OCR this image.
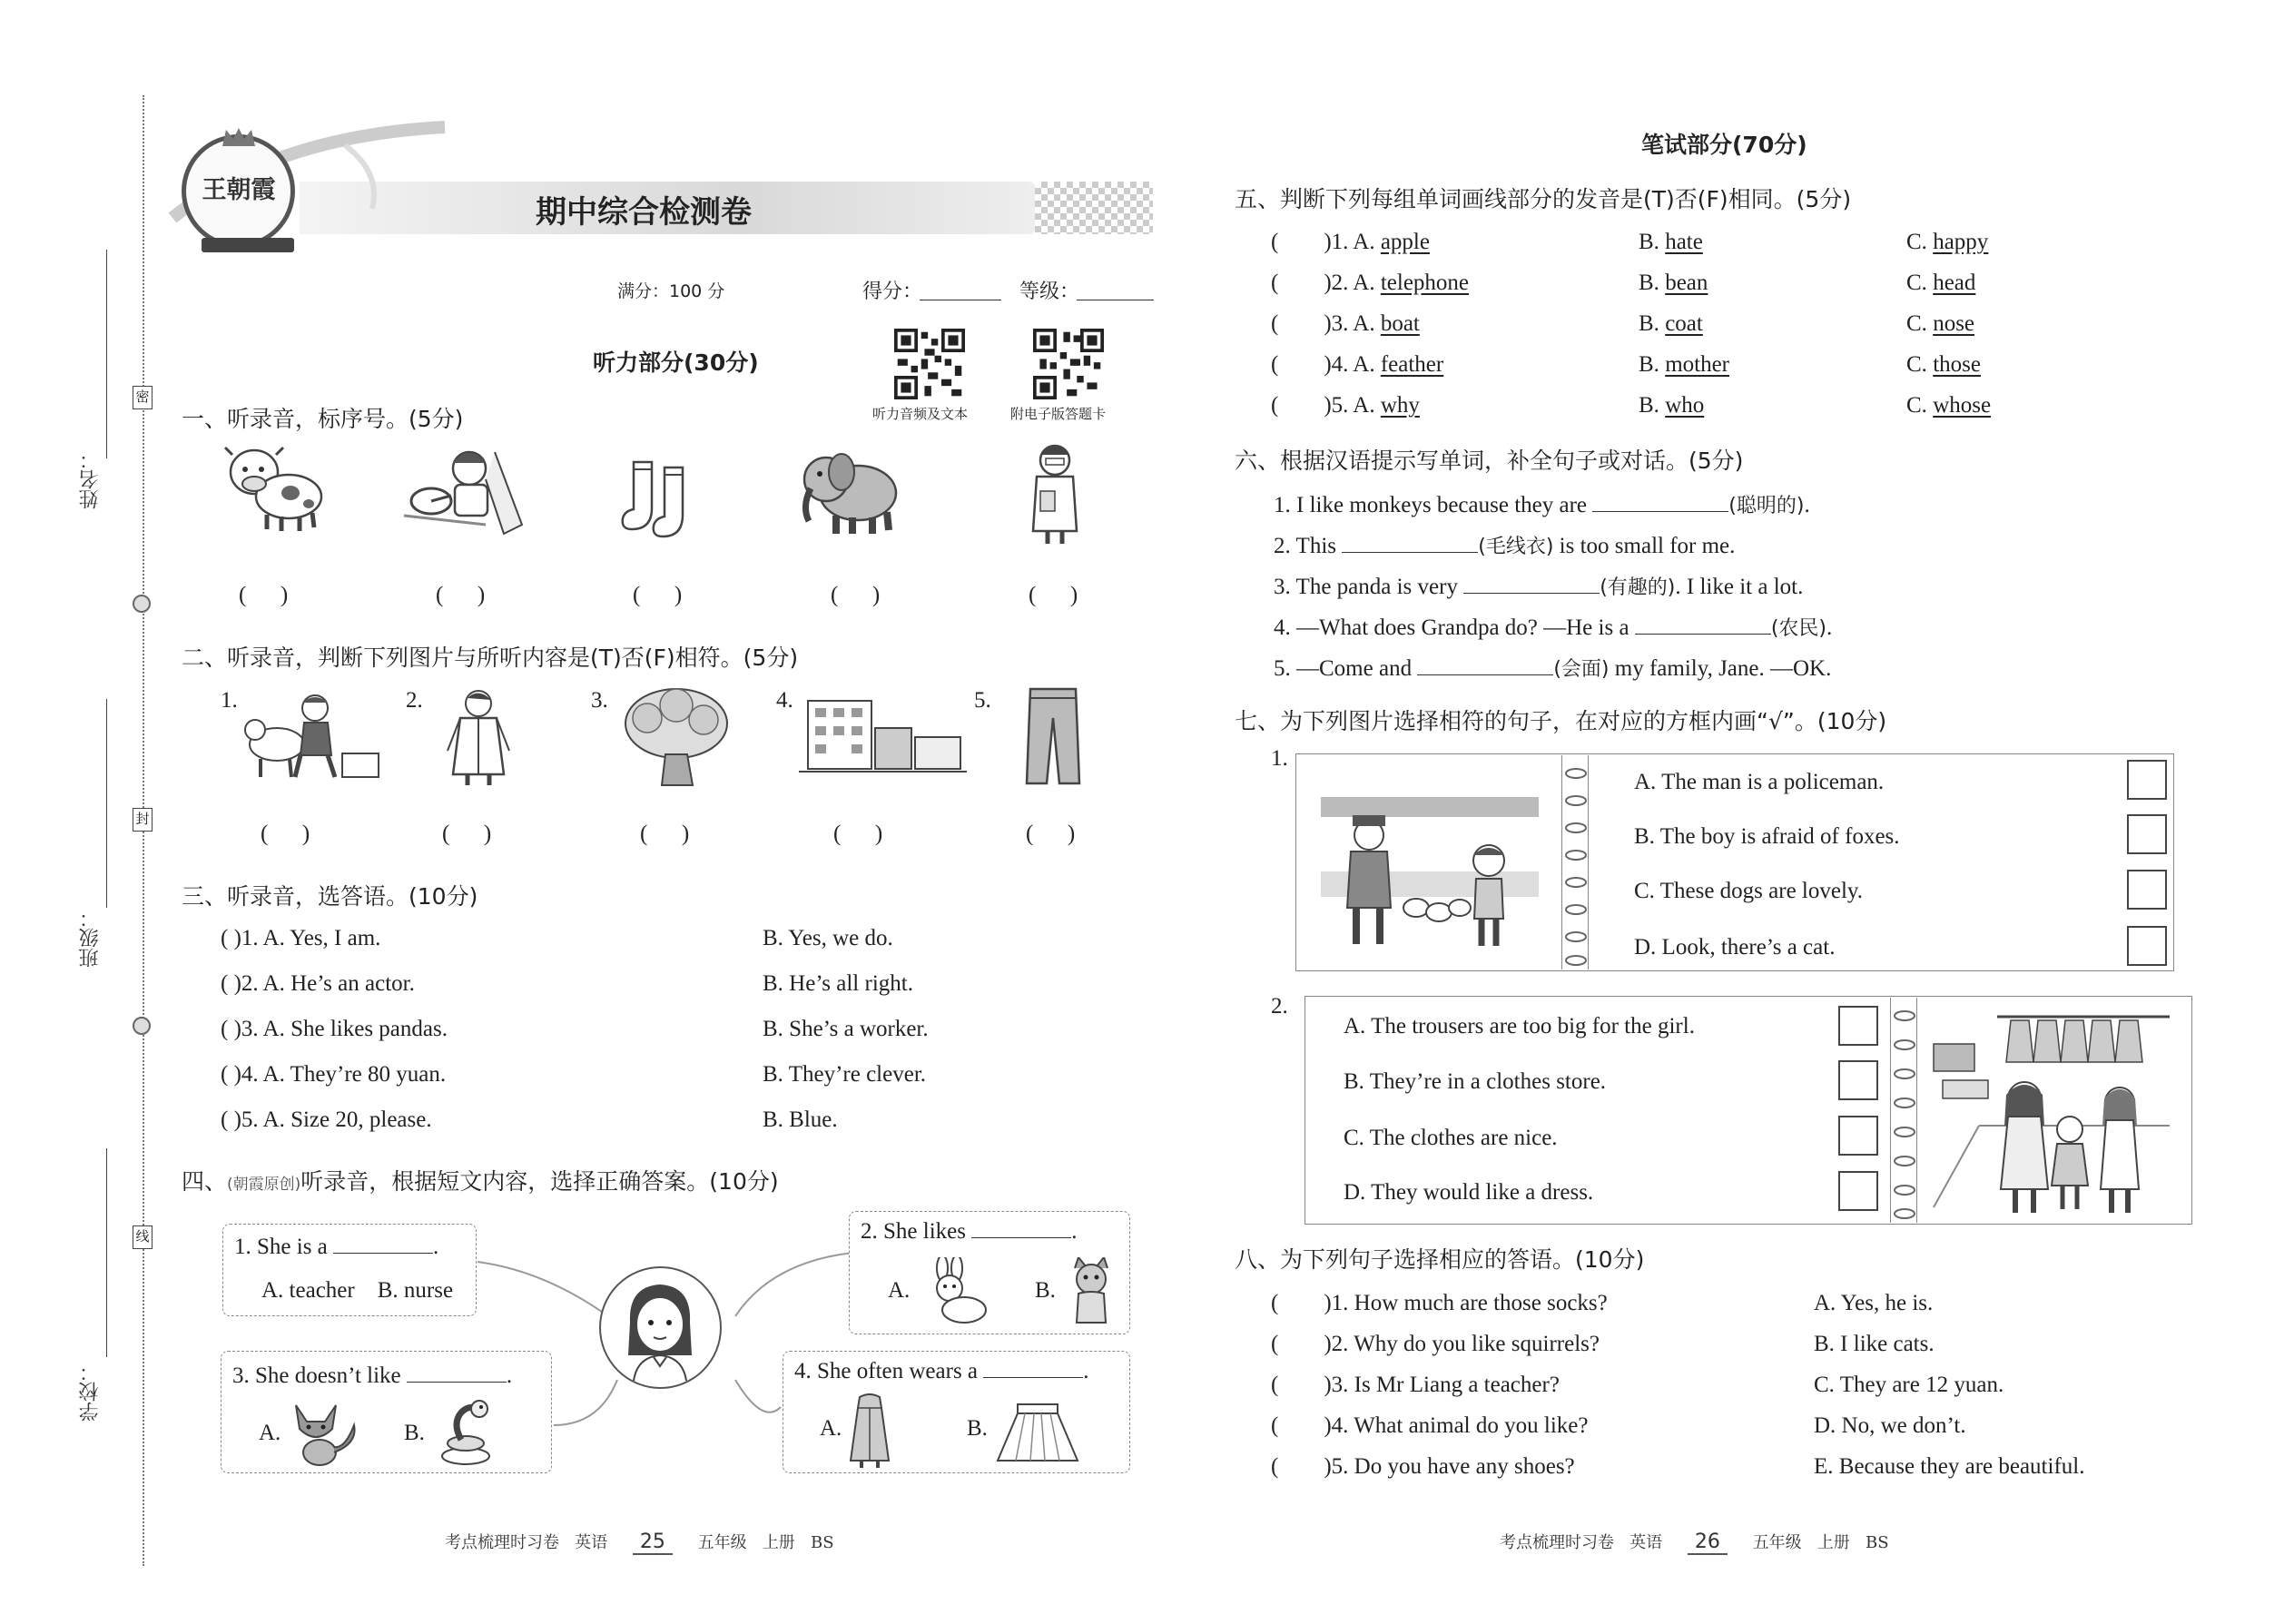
姓名：
密
班级：
封
学校：
线
王朝霞
期中综合检测卷
满分：100 分	得分：	等级：
听力音频及文本	附电子版答题卡
听力部分(30分)
一、听录音，标序号。(5分)
(      )	(      )	(      )	(      )	(      )
二、听录音，判断下列图片与所听内容是(T)否(F)相符。(5分)
1.	2.	3.	4.	5.
(      )	(      )	(      )	(      )	(      )
三、听录音，选答语。(10分)
( )1. A. Yes, I am.	B. Yes, we do.
( )2. A. He’s an actor.	B. He’s all right.
( )3. A. She likes pandas.	B. She’s a worker.
( )4. A. They’re 80 yuan.	B. They’re clever.
( )5. A. Size 20, please.	B. Blue.
四、(朝霞原创)听录音，根据短文内容，选择正确答案。(10分)
1. She is a	.
A. teacher    B. nurse
2. She likes	.
A.	B.
3. She doesn’t like	.
A.	B.
4. She often wears a	.
A.	B.
考点梳理时习卷 英语 25 五年级 上册 BS
笔试部分(70分)
五、判断下列每组单词画线部分的发音是(T)否(F)相同。(5分)
(        )1. A. apple	B. hate	C. happy
(        )2. A. telephone	B. bean	C. head
(        )3. A. boat	B. coat	C. nose
(        )4. A. feather	B. mother	C. those
(        )5. A. why	B. who	C. whose
六、根据汉语提示写单词，补全句子或对话。(5分)
1. I like monkeys because they are	(聪明的).
2. This	(毛线衣) is too small for me.
3. The panda is very	(有趣的). I like it a lot.
4. —What does Grandpa do? —He is a	(农民).
5. —Come and	(会面) my family, Jane. —OK.
七、为下列图片选择相符的句子，在对应的方框内画“√”。(10分)
1.
A. The man is a policeman.
B. The boy is afraid of foxes.
C. These dogs are lovely.
D. Look, there’s a cat.
2.
A. The trousers are too big for the girl.
B. They’re in a clothes store.
C. The clothes are nice.
D. They would like a dress.
八、为下列句子选择相应的答语。(10分)
(        )1. How much are those socks?	A. Yes, he is.
(        )2. Why do you like squirrels?	B. I like cats.
(        )3. Is Mr Liang a teacher?	C. They are 12 yuan.
(        )4. What animal do you like?	D. No, we don’t.
(        )5. Do you have any shoes?	E. Because they are beautiful.
考点梳理时习卷 英语 26 五年级 上册 BS
